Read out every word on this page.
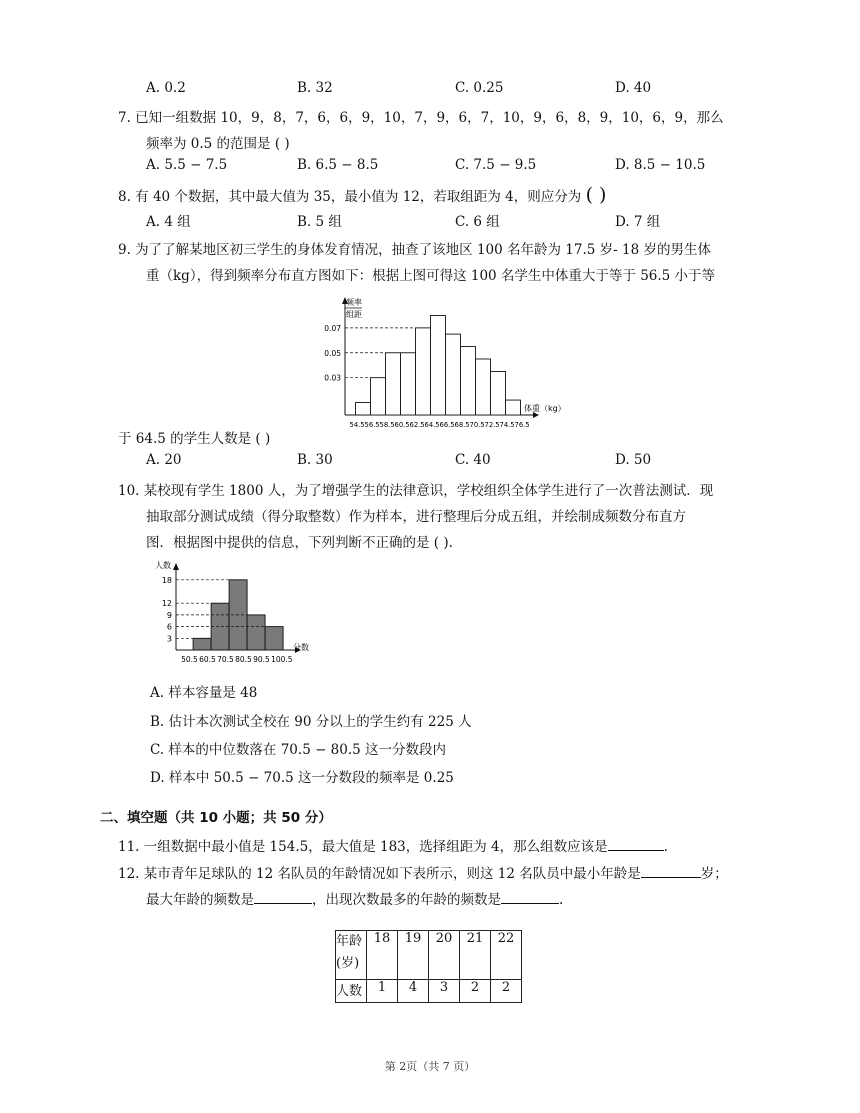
A. 0.2	B. 32	C. 0.25	D. 40
7. 已知一组数据 10，9，8，7，6，6，9，10，7，9，6，7，10，9，6，8，9，10，6，9，那么
频率为 0.5 的范围是 ( )
A. 5.5 − 7.5	B. 6.5 − 8.5	C. 7.5 − 9.5	D. 8.5 − 10.5
8. 有 40 个数据，其中最大值为 35，最小值为 12，若取组距为 4，则应分为 ( )
A. 4 组	B. 5 组	C. 6 组	D. 7 组
9. 为了了解某地区初三学生的身体发育情况，抽查了该地区 100 名年龄为 17.5 岁- 18 岁的男生体
重（kg），得到频率分布直方图如下：根据上图可得这 100 名学生中体重大于等于 56.5 小于等
0.03
0.05
0.07
54.5 56.5 58.5 60.5 62.5 64.5 66.5 68.5 70.5 72.5 74.5 76.5
频率
组距
体重（kg）
于 64.5 的学生人数是 ( )
A. 20	B. 30	C. 40	D. 50
10. 某校现有学生 1800 人，为了增强学生的法律意识，学校组织全体学生进行了一次普法测试．现
抽取部分测试成绩（得分取整数）作为样本，进行整理后分成五组，并绘制成频数分布直方
图．根据图中提供的信息，下列判断不正确的是 ( ).
3
6
9
12
18
50.5 60.5 70.5 80.5 90.5 100.5
人数
分数
A. 样本容量是 48
B. 估计本次测试全校在 90 分以上的学生约有 225 人
C. 样本的中位数落在 70.5 − 80.5 这一分数段内
D. 样本中 50.5 − 70.5 这一分数段的频率是 0.25
二、填空题（共 10 小题；共 50 分）
11. 一组数据中最小值是 154.5，最大值是 183，选择组距为 4，那么组数应该是	.
12. 某市青年足球队的 12 名队员的年龄情况如下表所示，则这 12 名队员中最小年龄是	岁；
最大年龄的频数是	，出现次数最多的年龄的频数是	.
年龄(岁)	18	19	20	21	22
人数	1	4	3	2	2
第 2页（共 7 页）
